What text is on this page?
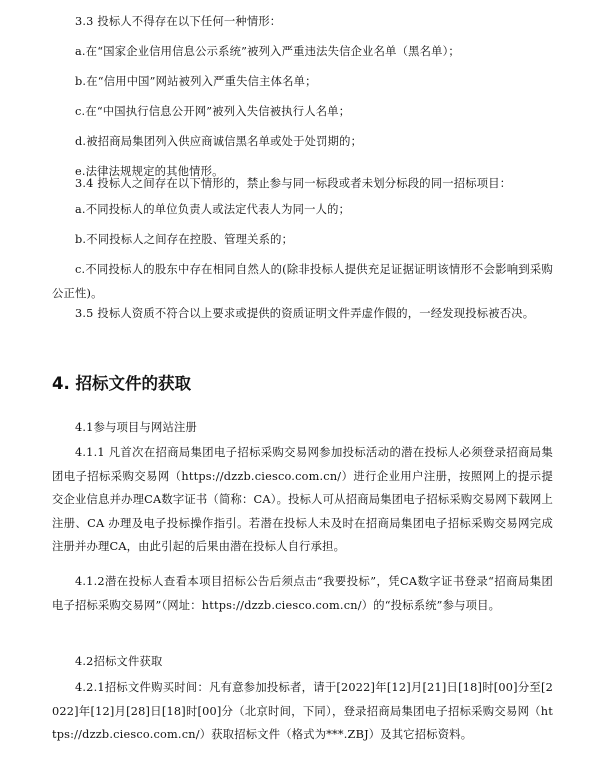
3.3 投标人不得存在以下任何一种情形：

a.在“国家企业信用信息公示系统”被列入严重违法失信企业名单（黑名单）；

b.在“信用中国”网站被列入严重失信主体名单；

c.在“中国执行信息公开网”被列入失信被执行人名单；

d.被招商局集团列入供应商诚信黑名单或处于处罚期的；

e.法律法规规定的其他情形。

3.4 投标人之间存在以下情形的，禁止参与同一标段或者未划分标段的同一招标项目：

a.不同投标人的单位负责人或法定代表人为同一人的；

b.不同投标人之间存在控股、管理关系的；

c.不同投标人的股东中存在相同自然人的(除非投标人提供充足证据证明该情形不会影响到采购公正性)。

3.5 投标人资质不符合以上要求或提供的资质证明文件弄虚作假的，一经发现投标被否决。

4. 招标文件的获取

4.1参与项目与网站注册

4.1.1 凡首次在招商局集团电子招标采购交易网参加投标活动的潜在投标人必须登录招商局集团电子招标采购交易网（https://dzzb.ciesco.com.cn/）进行企业用户注册，按照网上的提示提交企业信息并办理CA数字证书（简称：CA）。投标人可从招商局集团电子招标采购交易网下载网上注册、CA 办理及电子投标操作指引。若潜在投标人未及时在招商局集团电子招标采购交易网完成注册并办理CA，由此引起的后果由潜在投标人自行承担。

4.1.2潜在投标人查看本项目招标公告后须点击“我要投标”，凭CA数字证书登录“招商局集团电子招标采购交易网”（网址：https://dzzb.ciesco.com.cn/）的“投标系统”参与项目。

4.2招标文件获取

4.2.1招标文件购买时间：凡有意参加投标者，请于[2022]年[12]月[21]日[18]时[00]分至[2022]年[12]月[28]日[18]时[00]分（北京时间，下同），登录招商局集团电子招标采购交易网（https://dzzb.ciesco.com.cn/）获取招标文件（格式为***.ZBJ）及其它招标资料。
